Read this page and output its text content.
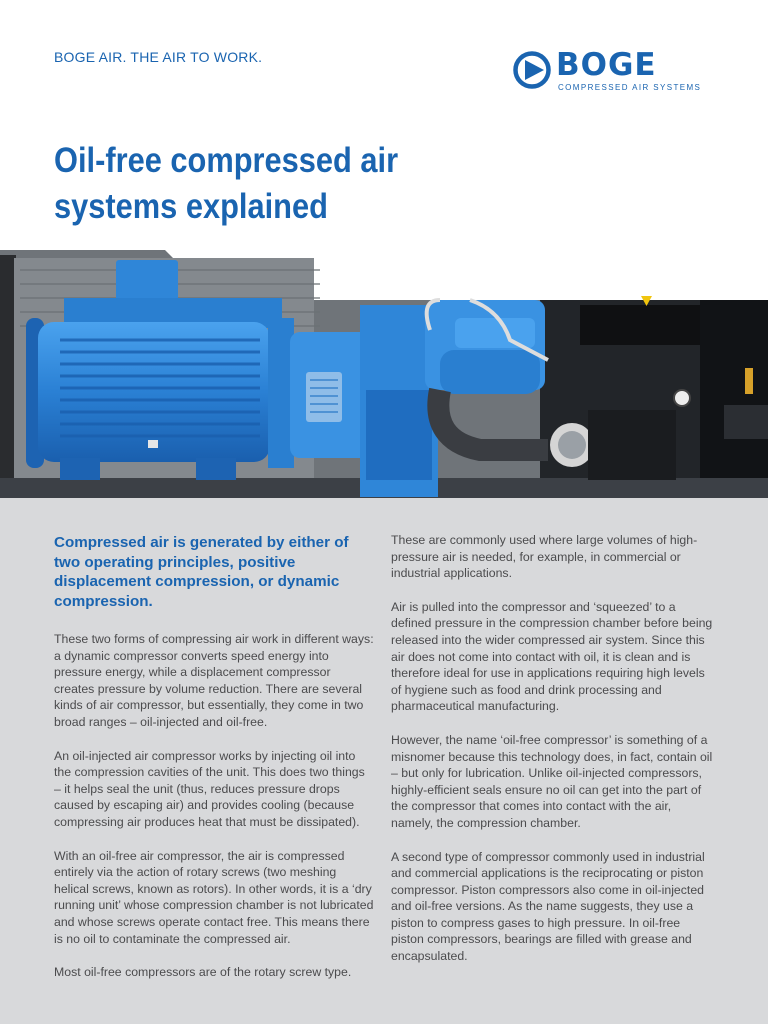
BOGE AIR. THE AIR TO WORK.	BOGE
COMPRESSED AIR SYSTEMS
Oil-free compressed air systems explained

Compressed air is generated by either of two operating principles, positive displacement compression, or dynamic compression.

These two forms of compressing air work in different ways: a dynamic compressor converts speed energy into pressure energy, while a displacement compressor creates pressure by volume reduction. There are several kinds of air compressor, but essentially, they come in two broad ranges – oil-injected and oil-free.

An oil-injected air compressor works by injecting oil into the compression cavities of the unit. This does two things – it helps seal the unit (thus, reduces pressure drops caused by escaping air) and provides cooling (because compressing air produces heat that must be dissipated).

With an oil-free air compressor, the air is compressed entirely via the action of rotary screws (two meshing helical screws, known as rotors). In other words, it is a ‘dry running unit’ whose compression chamber is not lubricated and whose screws operate contact free. This means there is no oil to contaminate the compressed air.

Most oil-free compressors are of the rotary screw type.

These are commonly used where large volumes of high-pressure air is needed, for example, in commercial or industrial applications.

Air is pulled into the compressor and ‘squeezed’ to a defined pressure in the compression chamber before being released into the wider compressed air system. Since this air does not come into contact with oil, it is clean and is therefore ideal for use in applications requiring high levels of hygiene such as food and drink processing and pharmaceutical manufacturing.

However, the name ‘oil-free compressor’ is something of a misnomer because this technology does, in fact, contain oil – but only for lubrication. Unlike oil-injected compressors, highly-efficient seals ensure no oil can get into the part of the compressor that comes into contact with the air, namely, the compression chamber.

A second type of compressor commonly used in industrial and commercial applications is the reciprocating or piston compressor. Piston compressors also come in oil-injected and oil-free versions. As the name suggests, they use a piston to compress gases to high pressure. In oil-free piston compressors, bearings are filled with grease and encapsulated.
